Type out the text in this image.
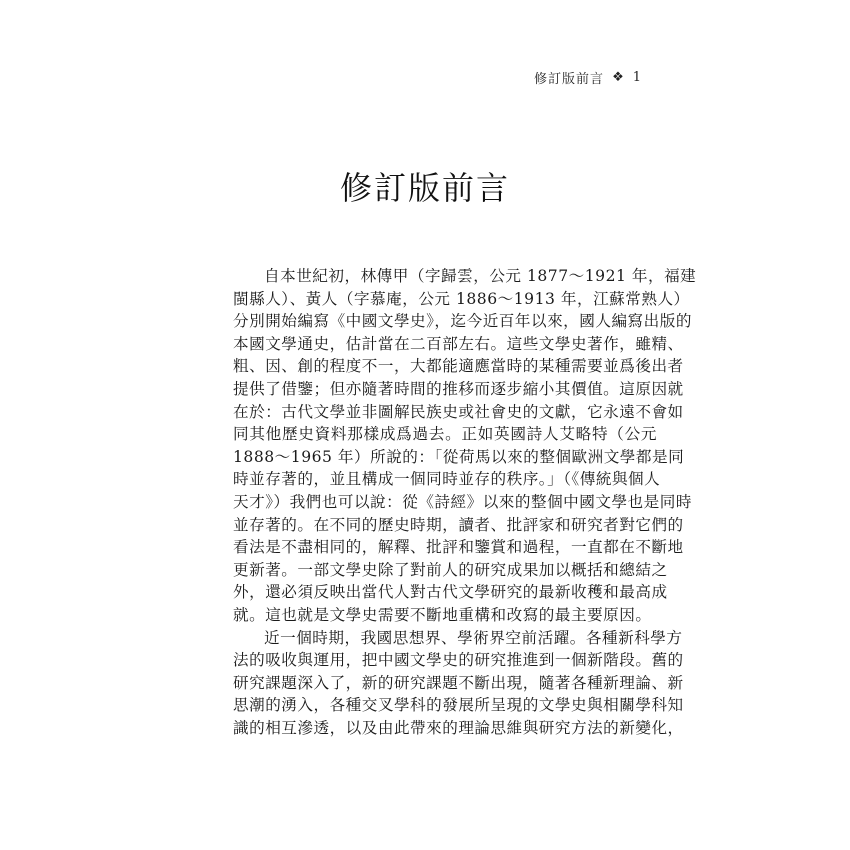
修訂版前言 ❖ 1
修訂版前言
自本世紀初，林傳甲（字歸雲，公元 1877～1921 年，福建
閩縣人）、黃人（字慕庵，公元 1886～1913 年，江蘇常熟人）
分別開始編寫《中國文學史》，迄今近百年以來，國人編寫出版的
本國文學通史，估計當在二百部左右。這些文學史著作，雖精、
粗、因、創的程度不一，大都能適應當時的某種需要並爲後出者
提供了借鑒；但亦隨著時間的推移而逐步縮小其價值。這原因就
在於：古代文學並非圖解民族史或社會史的文獻，它永遠不會如
同其他歷史資料那樣成爲過去。正如英國詩人艾略特（公元
1888～1965 年）所說的：「從荷馬以來的整個歐洲文學都是同
時並存著的，並且構成一個同時並存的秩序。」（《傳統與個人
天才》）我們也可以說：從《詩經》以來的整個中國文學也是同時
並存著的。在不同的歷史時期，讀者、批評家和研究者對它們的
看法是不盡相同的，解釋、批評和鑒賞和過程，一直都在不斷地
更新著。一部文學史除了對前人的研究成果加以概括和總結之
外，還必須反映出當代人對古代文學研究的最新收穫和最高成
就。這也就是文學史需要不斷地重構和改寫的最主要原因。
近一個時期，我國思想界、學術界空前活躍。各種新科學方
法的吸收與運用，把中國文學史的研究推進到一個新階段。舊的
研究課題深入了，新的研究課題不斷出現，隨著各種新理論、新
思潮的湧入，各種交叉學科的發展所呈現的文學史與相關學科知
識的相互滲透，以及由此帶來的理論思維與研究方法的新變化，
